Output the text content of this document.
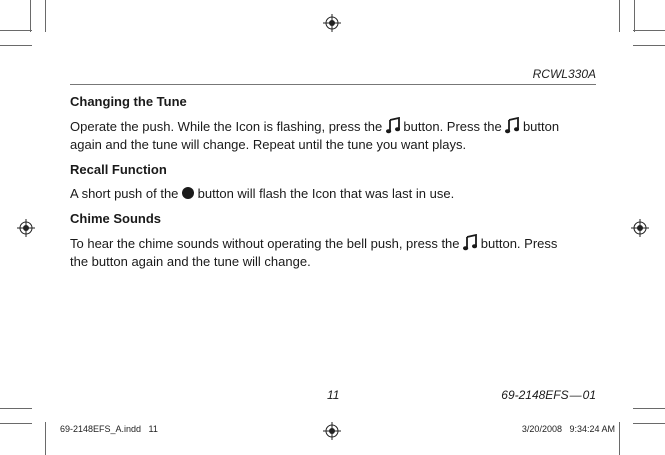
RCWL330A
Changing the Tune
Operate the push. While the Icon is flashing, press the button. Press the button
again and the tune will change. Repeat until the tune you want plays.
Recall Function
A short push of the button will flash the Icon that was last in use.
Chime Sounds
To hear the chime sounds without operating the bell push, press the button. Press
the button again and the tune will change.
11	69-2148EFS — 01
69-2148EFS_A.indd   11	3/20/2008   9:34:24 AM
